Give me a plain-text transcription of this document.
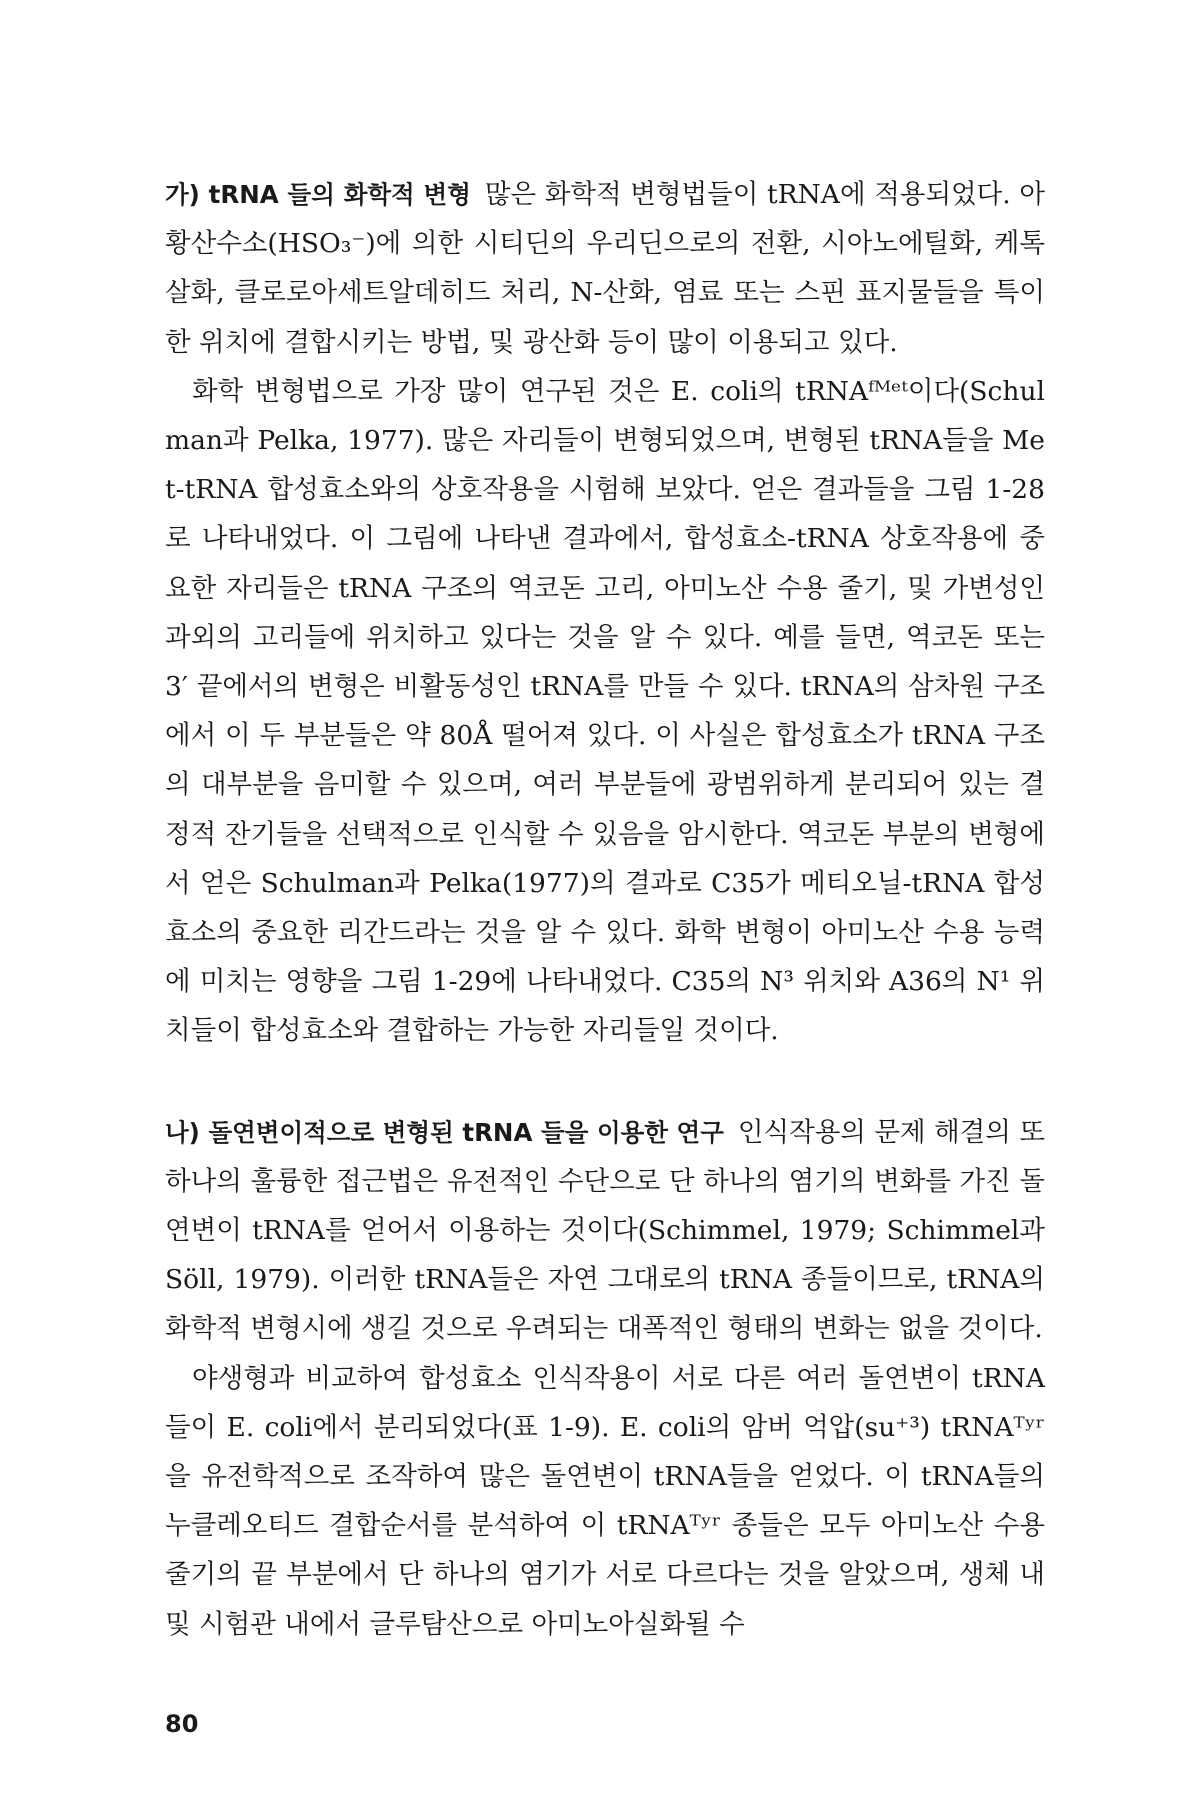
가) tRNA 들의 화학적 변형 많은 화학적 변형법들이 tRNA에 적용되었다. 아황산수소(HSO₃⁻)에 의한 시티딘의 우리딘으로의 전환, 시아노에틸화, 케톡살화, 클로로아세트알데히드 처리, N-산화, 염료 또는 스핀 표지물들을 특이한 위치에 결합시키는 방법, 및 광산화 등이 많이 이용되고 있다.

화학 변형법으로 가장 많이 연구된 것은 E. coli의 tRNAᶠᴹᵉᵗ이다(Schulman과 Pelka, 1977). 많은 자리들이 변형되었으며, 변형된 tRNA들을 Met-tRNA 합성효소와의 상호작용을 시험해 보았다. 얻은 결과들을 그림 1-28로 나타내었다. 이 그림에 나타낸 결과에서, 합성효소-tRNA 상호작용에 중요한 자리들은 tRNA 구조의 역코돈 고리, 아미노산 수용 줄기, 및 가변성인 과외의 고리들에 위치하고 있다는 것을 알 수 있다. 예를 들면, 역코돈 또는 3′ 끝에서의 변형은 비활동성인 tRNA를 만들 수 있다. tRNA의 삼차원 구조에서 이 두 부분들은 약 80Å 떨어져 있다. 이 사실은 합성효소가 tRNA 구조의 대부분을 음미할 수 있으며, 여러 부분들에 광범위하게 분리되어 있는 결정적 잔기들을 선택적으로 인식할 수 있음을 암시한다. 역코돈 부분의 변형에서 얻은 Schulman과 Pelka(1977)의 결과로 C35가 메티오닐-tRNA 합성효소의 중요한 리간드라는 것을 알 수 있다. 화학 변형이 아미노산 수용 능력에 미치는 영향을 그림 1-29에 나타내었다. C35의 N³ 위치와 A36의 N¹ 위치들이 합성효소와 결합하는 가능한 자리들일 것이다.

나) 돌연변이적으로 변형된 tRNA 들을 이용한 연구 인식작용의 문제 해결의 또 하나의 훌륭한 접근법은 유전적인 수단으로 단 하나의 염기의 변화를 가진 돌연변이 tRNA를 얻어서 이용하는 것이다(Schimmel, 1979; Schimmel과 Söll, 1979). 이러한 tRNA들은 자연 그대로의 tRNA 종들이므로, tRNA의 화학적 변형시에 생길 것으로 우려되는 대폭적인 형태의 변화는 없을 것이다.

야생형과 비교하여 합성효소 인식작용이 서로 다른 여러 돌연변이 tRNA들이 E. coli에서 분리되었다(표 1-9). E. coli의 암버 억압(su⁺³) tRNAᵀʸʳ을 유전학적으로 조작하여 많은 돌연변이 tRNA들을 얻었다. 이 tRNA들의 누클레오티드 결합순서를 분석하여 이 tRNAᵀʸʳ 종들은 모두 아미노산 수용 줄기의 끝 부분에서 단 하나의 염기가 서로 다르다는 것을 알았으며, 생체 내 및 시험관 내에서 글루탐산으로 아미노아실화될 수

80
